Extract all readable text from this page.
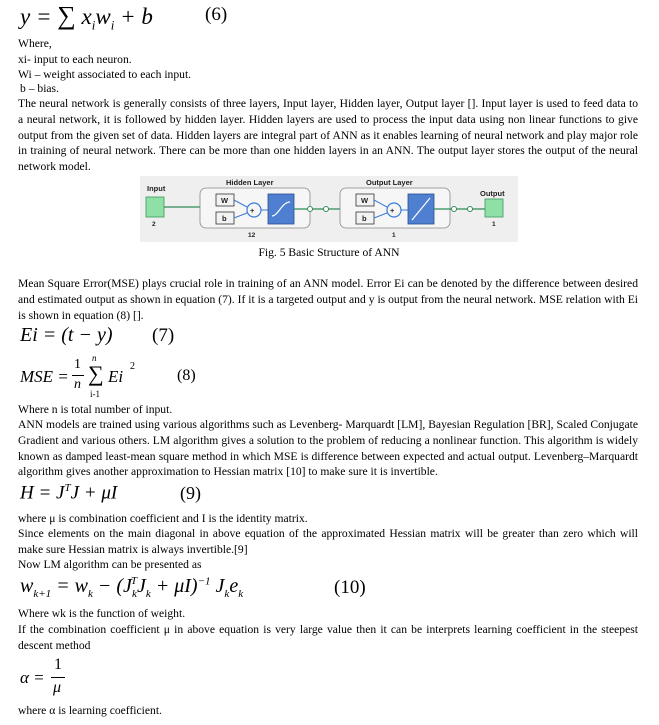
y = ∑ $x_iw_i + b$	(6)
Where,
xi- input to each neuron.
Wi – weight associated to each input.
b – bias.
The neural network is generally consists of three layers, Input layer, Hidden layer, Output layer []. Input layer is used to feed data to a neural network, it is followed by hidden layer. Hidden layers are used to process the input data using non linear functions to give output from the given set of data. Hidden layers are integral part of ANN as it enables learning of neural network and play major role in training of neural network. There can be more than one hidden layers in an ANN. The output layer stores the output of the neural network model.
Input
2
Hidden Layer
W
b
+
12
Output Layer
W
b
+
1
Output
1
Fig. 5 Basic Structure of ANN
Mean Square Error(MSE) plays crucial role in training of an ANN model. Error Ei can be denoted by the difference between desired and estimated output as shown in equation (7). If it is a targeted output and y is output from the neural network. MSE relation with Ei is shown in equation (8) [].
Ei = (t − y) (7)
MSE =
1
n
n
∑
i-1
Ei
2
(8)
Where n is total number of input.
ANN models are trained using various algorithms such as Levenberg- Marquardt [LM], Bayesian Regulation [BR], Scaled Conjugate Gradient and various others. LM algorithm gives a solution to the problem of reducing a nonlinear function. This algorithm is widely known as damped least-mean square method in which MSE is difference between expected and actual output. Levenberg–Marquardt algorithm gives another approximation to Hessian matrix [10] to make sure it is invertible.
$H = J^TJ + \mu I$	(9)
where μ is combination coefficient and I is the identity matrix.
Since elements on the main diagonal in above equation of the approximated Hessian matrix will be greater than zero which will make sure Hessian matrix is always invertible.[9]
Now LM algorithm can be presented as
$w_{k+1} = w_k - (J_k^TJ_k + \mu I)^{-1}$ $J_ke_k$	(10)
Where wk is the function of weight.
If the combination coefficient μ in above equation is very large value then it can be interprets learning coefficient in the steepest descent method
α =
1
μ
where α is learning coefficient.
